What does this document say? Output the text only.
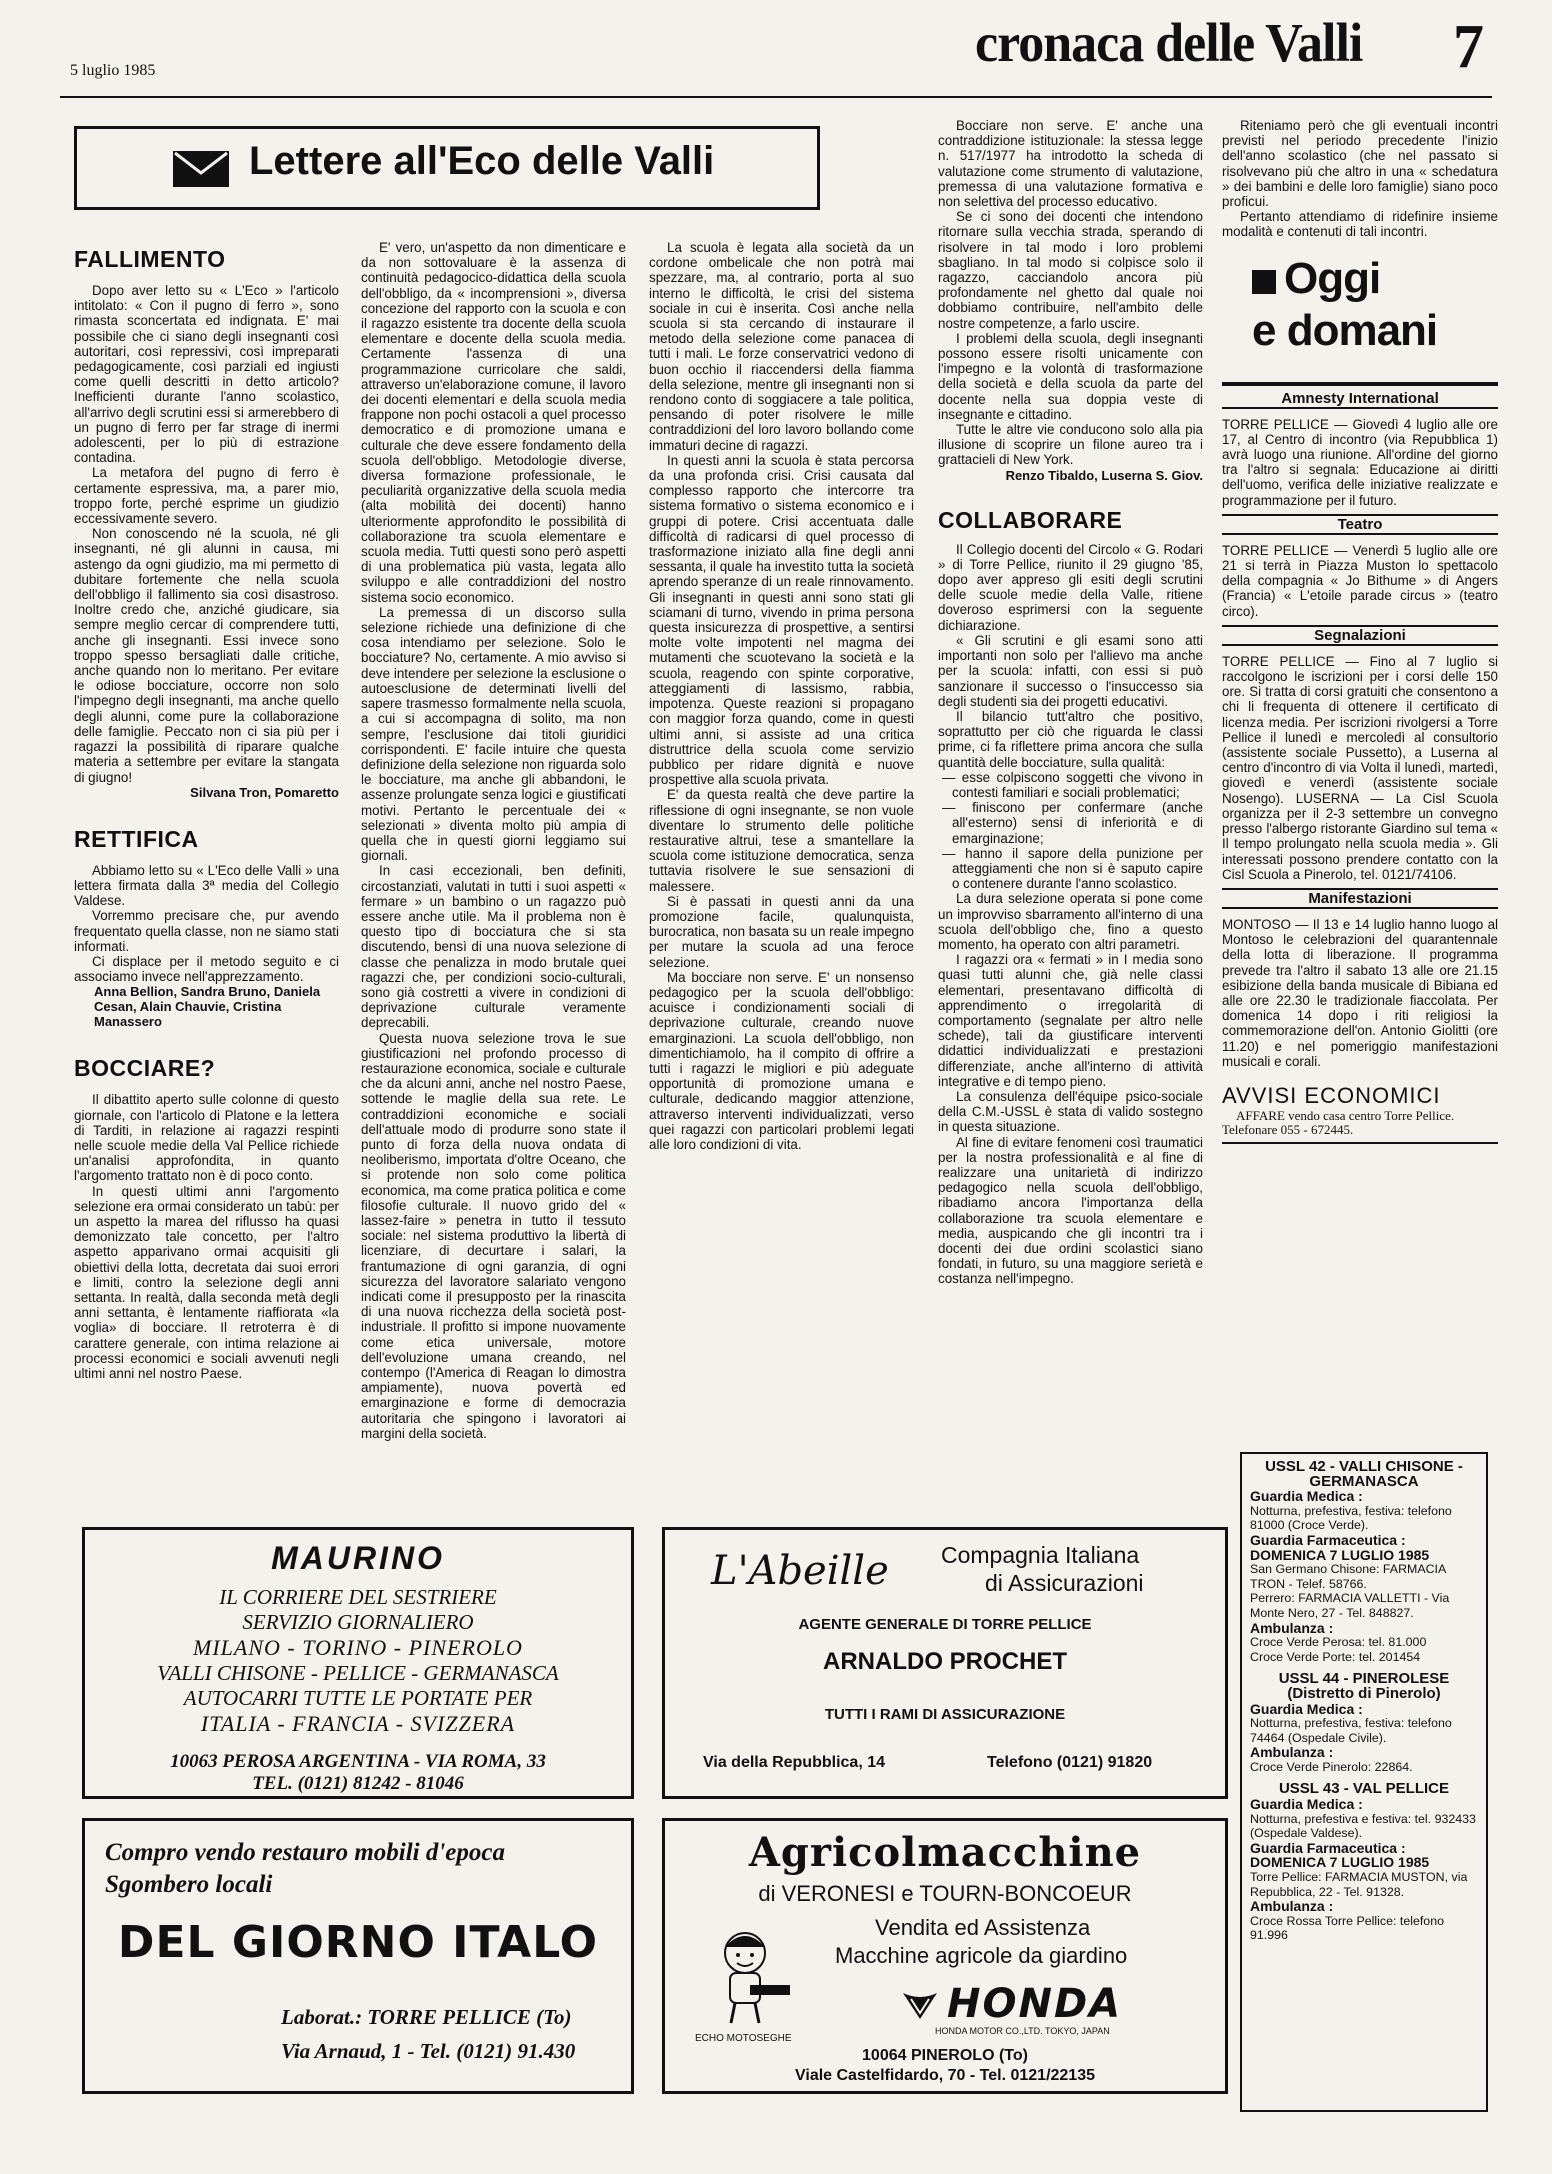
5 luglio 1985	cronaca delle Valli 7
Lettere all'Eco delle Valli
FALLIMENTO

Dopo aver letto su « L'Eco » l'articolo intitolato: « Con il pugno di ferro », sono rimasta sconcertata ed indignata. E' mai possibile che ci siano degli insegnanti così autoritari, così repressivi, così impreparati pedagogicamente, così parziali ed ingiusti come quelli descritti in detto articolo? Inefficienti durante l'anno scolastico, all'arrivo degli scrutini essi si armerebbero di un pugno di ferro per far strage di inermi adolescenti, per lo più di estrazione contadina.

La metafora del pugno di ferro è certamente espressiva, ma, a parer mio, troppo forte, perché esprime un giudizio eccessivamente severo.

Non conoscendo né la scuola, né gli insegnanti, né gli alunni in causa, mi astengo da ogni giudizio, ma mi permetto di dubitare fortemente che nella scuola dell'obbligo il fallimento sia così disastroso. Inoltre credo che, anziché giudicare, sia sempre meglio cercar di comprendere tutti, anche gli insegnanti. Essi invece sono troppo spesso bersagliati dalle critiche, anche quando non lo meritano. Per evitare le odiose bocciature, occorre non solo l'impegno degli insegnanti, ma anche quello degli alunni, come pure la collaborazione delle famiglie. Peccato non ci sia più per i ragazzi la possibilità di riparare qualche materia a settembre per evitare la stangata di giugno!

Silvana Tron, Pomaretto
RETTIFICA

Abbiamo letto su « L'Eco delle Valli » una lettera firmata dalla 3ª media del Collegio Valdese.

Vorremmo precisare che, pur avendo frequentato quella classe, non ne siamo stati informati.

Ci displace per il metodo seguito e ci associamo invece nell'apprezzamento.

Anna Bellion, Sandra Bruno, Daniela Cesan, Alain Chauvie, Cristina Manassero
BOCCIARE?

Il dibattito aperto sulle colonne di questo giornale, con l'articolo di Platone e la lettera di Tarditi, in relazione ai ragazzi respinti nelle scuole medie della Val Pellice richiede un'analisi approfondita, in quanto l'argomento trattato non è di poco conto.

In questi ultimi anni l'argomento selezione era ormai considerato un tabù: per un aspetto la marea del riflusso ha quasi demonizzato tale concetto, per l'altro aspetto apparivano ormai acquisiti gli obiettivi della lotta, decretata dai suoi errori e limiti, contro la selezione degli anni settanta. In realtà, dalla seconda metà degli anni settanta, è lentamente riaffiorata «la voglia» di bocciare. Il retroterra è di carattere generale, con intima relazione ai processi economici e sociali avvenuti negli ultimi anni nel nostro Paese.

E' vero, un'aspetto da non dimenticare e da non sottovaluare è la assenza di continuità pedagocico-didattica della scuola dell'obbligo, da « incomprensioni », diversa concezione del rapporto con la scuola e con il ragazzo esistente tra docente della scuola elementare e docente della scuola media. Certamente l'assenza di una programmazione curricolare che saldi, attraverso un'elaborazione comune, il lavoro dei docenti elementari e della scuola media frappone non pochi ostacoli a quel processo democratico e di promozione umana e culturale che deve essere fondamento della scuola dell'obbligo. Metodologie diverse, diversa formazione professionale, le peculiarità organizzative della scuola media (alta mobilità dei docenti) hanno ulteriormente approfondito le possibilità di collaborazione tra scuola elementare e scuola media. Tutti questi sono però aspetti di una problematica più vasta, legata allo sviluppo e alle contraddizioni del nostro sistema socio economico.

La premessa di un discorso sulla selezione richiede una definizione di che cosa intendiamo per selezione. Solo le bocciature? No, certamente. A mio avviso si deve intendere per selezione la esclusione o autoesclusione de determinati livelli del sapere trasmesso formalmente nella scuola, a cui si accompagna di solito, ma non sempre, l'esclusione dai titoli giuridici corrispondenti. E' facile intuire che questa definizione della selezione non riguarda solo le bocciature, ma anche gli abbandoni, le assenze prolungate senza logici e giustificati motivi. Pertanto le percentuale dei « selezionati » diventa molto più ampia di quella che in questi giorni leggiamo sui giornali.

In casi eccezionali, ben definiti, circostanziati, valutati in tutti i suoi aspetti « fermare » un bambino o un ragazzo può essere anche utile. Ma il problema non è questo tipo di bocciatura che si sta discutendo, bensì di una nuova selezione di classe che penalizza in modo brutale quei ragazzi che, per condizioni socio-culturali, sono già costretti a vivere in condizioni di deprivazione culturale veramente deprecabili.

Questa nuova selezione trova le sue giustificazioni nel profondo processo di restaurazione economica, sociale e culturale che da alcuni anni, anche nel nostro Paese, sottende le maglie della sua rete. Le contraddizioni economiche e sociali dell'attuale modo di produrre sono state il punto di forza della nuova ondata di neoliberismo, importata d'oltre Oceano, che si protende non solo come politica economica, ma come pratica politica e come filosofie culturale. Il nuovo grido del « lassez-faire » penetra in tutto il tessuto sociale: nel sistema produttivo la libertà di licenziare, di decurtare i salari, la frantumazione di ogni garanzia, di ogni sicurezza del lavoratore salariato vengono indicati come il presupposto per la rinascita di una nuova ricchezza della società post-industriale. Il profitto si impone nuovamente come etica universale, motore dell'evoluzione umana creando, nel contempo (l'America di Reagan lo dimostra ampiamente), nuova povertà ed emarginazione e forme di democrazia autoritaria che spingono i lavoratori ai margini della società.

La scuola è legata alla società da un cordone ombelicale che non potrà mai spezzare, ma, al contrario, porta al suo interno le difficoltà, le crisi del sistema sociale in cui è inserita. Così anche nella scuola si sta cercando di instaurare il metodo della selezione come panacea di tutti i mali. Le forze conservatrici vedono di buon occhio il riaccendersi della fiamma della selezione, mentre gli insegnanti non si rendono conto di soggiacere a tale politica, pensando di poter risolvere le mille contraddizioni del loro lavoro bollando come immaturi decine di ragazzi.

In questi anni la scuola è stata percorsa da una profonda crisi. Crisi causata dal complesso rapporto che intercorre tra sistema formativo o sistema economico e i gruppi di potere. Crisi accentuata dalle difficoltà di radicarsi di quel processo di trasformazione iniziato alla fine degli anni sessanta, il quale ha investito tutta la società aprendo speranze di un reale rinnovamento. Gli insegnanti in questi anni sono stati gli sciamani di turno, vivendo in prima persona questa insicurezza di prospettive, a sentirsi molte volte impotenti nel magma dei mutamenti che scuotevano la società e la scuola, reagendo con spinte corporative, atteggiamenti di lassismo, rabbia, impotenza. Queste reazioni si propagano con maggior forza quando, come in questi ultimi anni, si assiste ad una critica distruttrice della scuola come servizio pubblico per ridare dignità e nuove prospettive alla scuola privata.

E' da questa realtà che deve partire la riflessione di ogni insegnante, se non vuole diventare lo strumento delle politiche restaurative altrui, tese a smantellare la scuola come istituzione democratica, senza tuttavia risolvere le sue sensazioni di malessere.

Si è passati in questi anni da una promozione facile, qualunquista, burocratica, non basata su un reale impegno per mutare la scuola ad una feroce selezione.

Ma bocciare non serve. E' un nonsenso pedagogico per la scuola dell'obbligo: acuisce i condizionamenti sociali di deprivazione culturale, creando nuove emarginazioni. La scuola dell'obbligo, non dimentichiamolo, ha il compito di offrire a tutti i ragazzi le migliori e più adeguate opportunità di promozione umana e culturale, dedicando maggior attenzione, attraverso interventi individualizzati, verso quei ragazzi con particolari problemi legati alle loro condizioni di vita.

Bocciare non serve. E' anche una contraddizione istituzionale: la stessa legge n. 517/1977 ha introdotto la scheda di valutazione come strumento di valutazione, premessa di una valutazione formativa e non selettiva del processo educativo.

Se ci sono dei docenti che intendono ritornare sulla vecchia strada, sperando di risolvere in tal modo i loro problemi sbagliano. In tal modo si colpisce solo il ragazzo, cacciandolo ancora più profondamente nel ghetto dal quale noi dobbiamo contribuire, nell'ambito delle nostre competenze, a farlo uscire.

I problemi della scuola, degli insegnanti possono essere risolti unicamente con l'impegno e la volontà di trasformazione della società e della scuola da parte del docente nella sua doppia veste di insegnante e cittadino.

Tutte le altre vie conducono solo alla pia illusione di scoprire un filone aureo tra i grattacieli di New York.

Renzo Tibaldo, Luserna S. Giov.
COLLABORARE

Il Collegio docenti del Circolo « G. Rodari » di Torre Pellice, riunito il 29 giugno '85, dopo aver appreso gli esiti degli scrutini delle scuole medie della Valle, ritiene doveroso esprimersi con la seguente dichiarazione.

« Gli scrutini e gli esami sono atti importanti non solo per l'allievo ma anche per la scuola: infatti, con essi si può sanzionare il successo o l'insuccesso sia degli studenti sia dei progetti educativi.

Il bilancio tutt'altro che positivo, soprattutto per ciò che riguarda le classi prime, ci fa riflettere prima ancora che sulla quantità delle bocciature, sulla qualità:

— esse colpiscono soggetti che vivono in contesti familiari e sociali problematici;
— finiscono per confermare (anche all'esterno) sensi di inferiorità e di emarginazione;
— hanno il sapore della punizione per atteggiamenti che non si è saputo capire o contenere durante l'anno scolastico.

La dura selezione operata si pone come un improvviso sbarramento all'interno di una scuola dell'obbligo che, fino a questo momento, ha operato con altri parametri.

I ragazzi ora « fermati » in I media sono quasi tutti alunni che, già nelle classi elementari, presentavano difficoltà di apprendimento o irregolarità di comportamento (segnalate per altro nelle schede), tali da giustificare interventi didattici individualizzati e prestazioni differenziate, anche all'interno di attività integrative e di tempo pieno.

La consulenza dell'équipe psico-sociale della C.M.-USSL è stata di valido sostegno in questa situazione.

Al fine di evitare fenomeni così traumatici per la nostra professionalità e al fine di realizzare una unitarietà di indirizzo pedagogico nella scuola dell'obbligo, ribadiamo ancora l'importanza della collaborazione tra scuola elementare e media, auspicando che gli incontri tra i docenti dei due ordini scolastici siano fondati, in futuro, su una maggiore serietà e costanza nell'impegno.

Riteniamo però che gli eventuali incontri previsti nel periodo precedente l'inizio dell'anno scolastico (che nel passato si risolvevano più che altro in una « schedatura » dei bambini e delle loro famiglie) siano poco proficui.

Pertanto attendiamo di ridefinire insieme modalità e contenuti di tali incontri.

Oggi
e domani
Amnesty International
TORRE PELLICE — Giovedì 4 luglio alle ore 17, al Centro di incontro (via Repubblica 1) avrà luogo una riunione. All'ordine del giorno tra l'altro si segnala: Educazione ai diritti dell'uomo, verifica delle iniziative realizzate e programmazione per il futuro.
Teatro
TORRE PELLICE — Venerdì 5 luglio alle ore 21 si terrà in Piazza Muston lo spettacolo della compagnia « Jo Bithume » di Angers (Francia) « L'etoile parade circus » (teatro circo).
Segnalazioni
TORRE PELLICE — Fino al 7 luglio si raccolgono le iscrizioni per i corsi delle 150 ore. Si tratta di corsi gratuiti che consentono a chi li frequenta di ottenere il certificato di licenza media. Per iscrizioni rivolgersi a Torre Pellice il lunedì e mercoledì al consultorio (assistente sociale Pussetto), a Luserna al centro d'incontro di via Volta il lunedì, martedì, giovedì e venerdì (assistente sociale Nosengo). LUSERNA — La Cisl Scuola organizza per il 2-3 settembre un convegno presso l'albergo ristorante Giardino sul tema « Il tempo prolungato nella scuola media ». Gli interessati possono prendere contatto con la Cisl Scuola a Pinerolo, tel. 0121/74106.
Manifestazioni
MONTOSO — Il 13 e 14 luglio hanno luogo al Montoso le celebrazioni del quarantennale della lotta di liberazione. Il programma prevede tra l'altro il sabato 13 alle ore 21.15 esibizione della banda musicale di Bibiana ed alle ore 22.30 le tradizionale fiaccolata. Per domenica 14 dopo i riti religiosi la commemorazione dell'on. Antonio Giolitti (ore 11.20) e nel pomeriggio manifestazioni musicali e corali.
AVVISI ECONOMICI
AFFARE vendo casa centro Torre Pellice. Telefonare 055 - 672445.
USSL 42 - VALLI CHISONE - GERMANASCA
Guardia Medica :
Notturna, prefestiva, festiva: telefono 81000 (Croce Verde).
Guardia Farmaceutica :
DOMENICA 7 LUGLIO 1985
San Germano Chisone: FARMACIA TRON - Telef. 58766.
Perrero: FARMACIA VALLETTI - Via Monte Nero, 27 - Tel. 848827.
Ambulanza :
Croce Verde Perosa: tel. 81.000
Croce Verde Porte: tel. 201454
USSL 44 - PINEROLESE (Distretto di Pinerolo)
Guardia Medica :
Notturna, prefestiva, festiva: telefono 74464 (Ospedale Civile).
Ambulanza :
Croce Verde Pinerolo: 22864.
USSL 43 - VAL PELLICE
Guardia Medica :
Notturna, prefestiva e festiva: tel. 932433 (Ospedale Valdese).
Guardia Farmaceutica :
DOMENICA 7 LUGLIO 1985
Torre Pellice: FARMACIA MUSTON, via Repubblica, 22 - Tel. 91328.
Ambulanza :
Croce Rossa Torre Pellice: telefono 91.996
MAURINO
IL CORRIERE DEL SESTRIERE
SERVIZIO GIORNALIERO
MILANO - TORINO - PINEROLO
VALLI CHISONE - PELLICE - GERMANASCA
AUTOCARRI TUTTE LE PORTATE PER
ITALIA - FRANCIA - SVIZZERA
10063 PEROSA ARGENTINA - VIA ROMA, 33
TEL. (0121) 81242 - 81046
L'Abeille Compagnia Italiana
di Assicurazioni
AGENTE GENERALE DI TORRE PELLICE
ARNALDO PROCHET
TUTTI I RAMI DI ASSICURAZIONE
Via della Repubblica, 14	Telefono (0121) 91820
Compro vendo restauro mobili d'epoca
Sgombero locali
DEL GIORNO ITALO
Laborat.: TORRE PELLICE (To)
Via Arnaud, 1 - Tel. (0121) 91.430
Agricolmacchine
di VERONESI e TOURN-BONCOEUR
Vendita ed Assistenza
Macchine agricole da giardino
HONDA
HONDA MOTOR CO.,LTD. TOKYO, JAPAN
ECHO MOTOSEGHE
10064 PINEROLO (To)
Viale Castelfidardo, 70 - Tel. 0121/22135
